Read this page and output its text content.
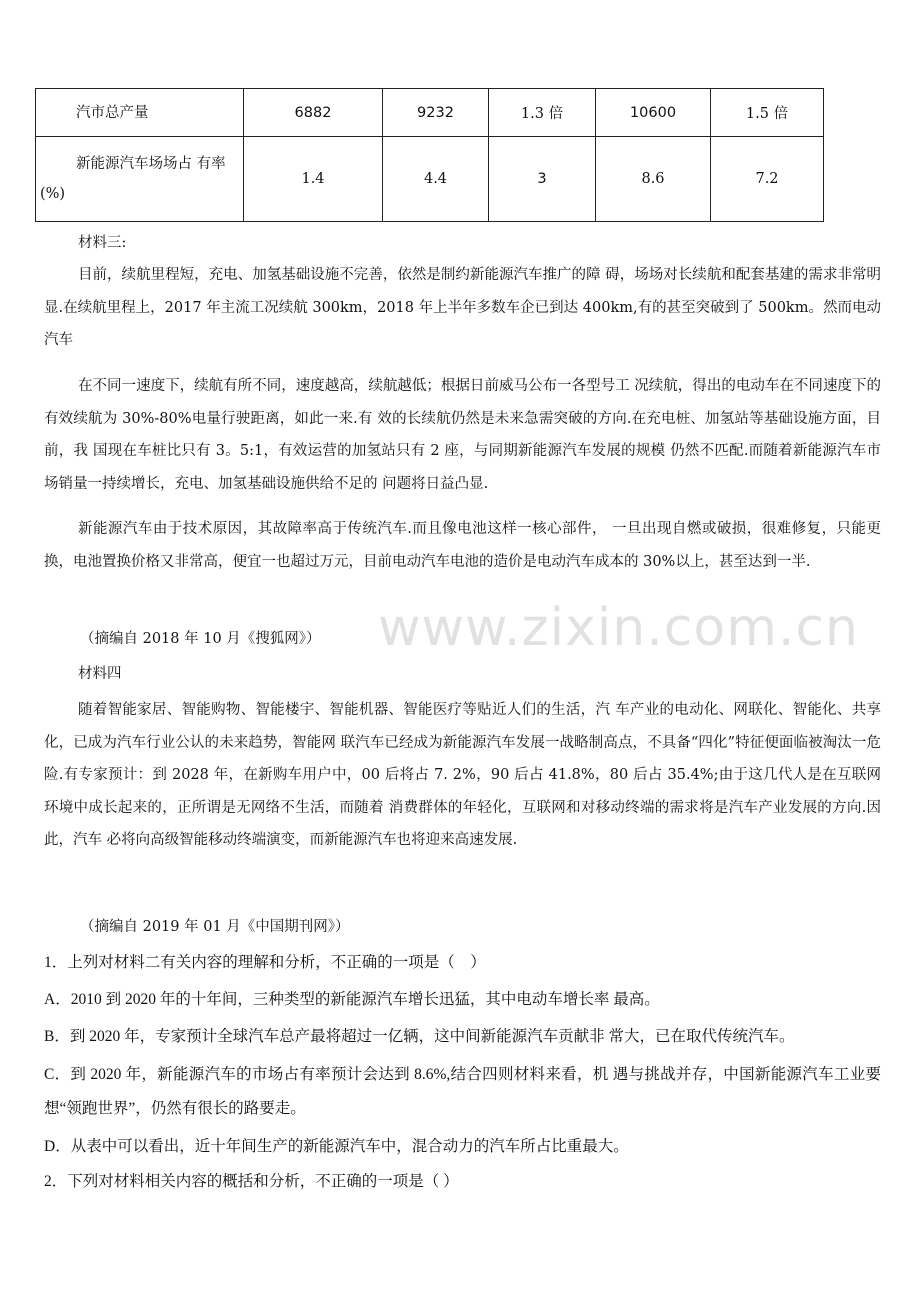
汽市总产量	6882	9232	1.3 倍	10600	1.5 倍
新能源汽车场场占 有率 (%)	1.4	4.4	3	8.6	7.2

材料三:

目前，续航里程短，充电、加氢基础设施不完善，依然是制约新能源汽车推广的障 碍，场场对长续航和配套基建的需求非常明显.在续航里程上，2017 年主流工况续航 300km，2018 年上半年多数车企已到达 400km,有的甚至突破到了 500km。然而电动汽车

在不同一速度下，续航有所不同，速度越高，续航越低；根据日前威马公布一各型号工 况续航，得出的电动车在不同速度下的有效续航为 30%-80%电量行驶距离，如此一来.有 效的长续航仍然是未来急需突破的方向.在充电桩、加氢站等基础设施方面，目前，我 国现在车桩比只有 3。5:1，有效运营的加氢站只有 2 座，与同期新能源汽车发展的规模 仍然不匹配.而随着新能源汽车市场销量一持续增长，充电、加氢基础设施供给不足的 问题将日益凸显.

新能源汽车由于技术原因，其故障率高于传统汽车.而且像电池这样一核心部件， 一旦出现自燃或破损，很难修复，只能更换，电池置换价格又非常高，便宜一也超过万元，目前电动汽车电池的造价是电动汽车成本的 30%以上，甚至达到一半.

（摘编自 2018 年 10 月《搜狐网》）

材料四

随着智能家居、智能购物、智能楼宇、智能机器、智能医疗等贴近人们的生活，汽 车产业的电动化、网联化、智能化、共享化，已成为汽车行业公认的未来趋势，智能网 联汽车已经成为新能源汽车发展一战略制高点，不具备“四化”特征便面临被淘汰一危 险.有专家预计：到 2028 年，在新购车用户中，00 后将占 7. 2%，90 后占 41.8%，80 后占 35.4%;由于这几代人是在互联网环境中成长起来的，正所谓是无网络不生活，而随着 消费群体的年轻化，互联网和对移动终端的需求将是汽车产业发展的方向.因此，汽车 必将向高级智能移动终端演变，而新能源汽车也将迎来高速发展.

（摘编自 2019 年 01 月《中国期刊网》）

1．上列对材料二有关内容的理解和分析，不正确的一项是（　）

A．2010 到 2020 年的十年间，三种类型的新能源汽车增长迅猛，其中电动车增长率 最高。

B．到 2020 年，专家预计全球汽车总产最将超过一亿辆，这中间新能源汽车贡献非 常大，已在取代传统汽车。

C．到 2020 年，新能源汽车的市场占有率预计会达到 8.6%,结合四则材料来看，机 遇与挑战并存，中国新能源汽车工业要想“领跑世界”，仍然有很长的路要走。

D．从表中可以看出，近十年间生产的新能源汽车中，混合动力的汽车所占比重最大。

2．下列对材料相关内容的概括和分析，不正确的一项是（ ）

www.zixin.com.cn
